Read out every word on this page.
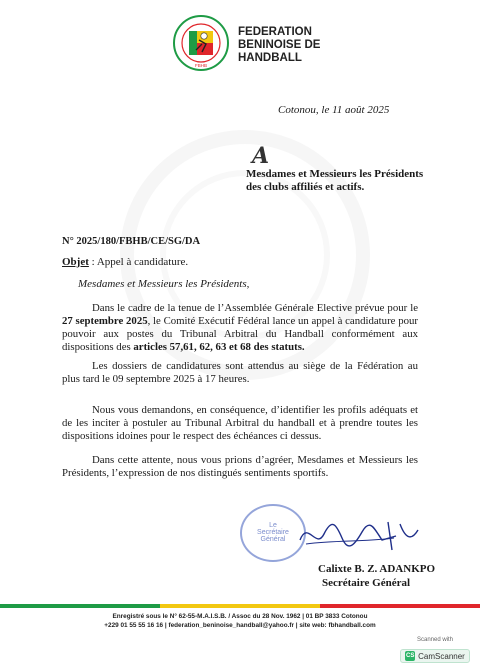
FBHB
FEDERATION
BENINOISE DE
HANDBALL
Cotonou, le 11 août 2025
A
Mesdames et Messieurs les Présidents
des clubs affiliés et actifs.
N° 2025/180/FBHB/CE/SG/DA
Objet : Appel à candidature.
Mesdames et Messieurs les Présidents,
Dans le cadre de la tenue de l’Assemblée Générale Elective prévue pour le 27 septembre 2025, le Comité Exécutif Fédéral lance un appel à candidature pour pouvoir aux postes du Tribunal Arbitral du Handball conformément aux dispositions des articles 57,61, 62, 63 et 68 des statuts.
Les dossiers de candidatures sont attendus au siège de la Fédération au plus tard le 09 septembre 2025 à 17 heures.
Nous vous demandons, en conséquence, d’identifier les profils adéquats et de les inciter à postuler au Tribunal Arbitral du handball et à prendre toutes les dispositions idoines pour le respect des échéances ci dessus.
Dans cette attente, nous vous prions d’agréer, Mesdames et Messieurs les Présidents, l’expression de nos distingués sentiments sportifs.
Le
Secrétaire
Général
Calixte B. Z. ADANKPO
Secrétaire Général
Enregistré sous le N° 62-55-M.A.I.S.B. / Assoc du 28 Nov. 1962 | 01 BP 3833 Cotonou
+229 01 55 55 16 16 | federation_beninoise_handball@yahoo.fr | site web: fbhandball.com
Scanned with
CS CamScanner
